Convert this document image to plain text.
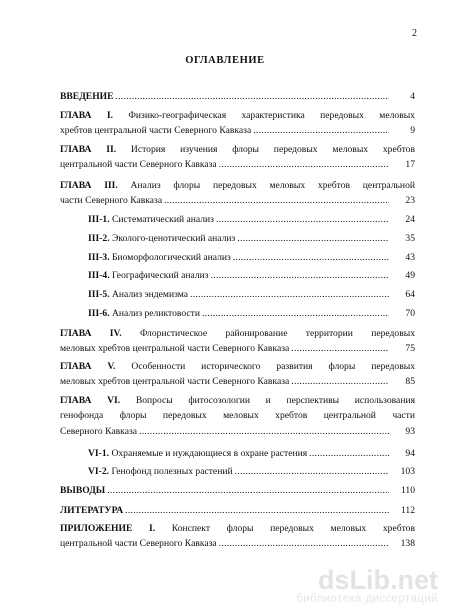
2
ОГЛАВЛЕНИЕ
ВВЕДЕНИЕ .....	4
ГЛАВА I. Физико-географическая характеристика передовых меловых
хребтов центральной части Северного Кавказа .....	9
ГЛАВА II. История изучения флоры передовых меловых хребтов
центральной части Северного Кавказа .....	17
ГЛАВА III. Анализ флоры передовых меловых хребтов центральной
части Северного Кавказа .....	23
III-1. Систематический анализ .....	24
III-2. Эколого-ценотический анализ .....	35
III-3. Биоморфологический анализ .....	43
III-4. Географический анализ .....	49
III-5. Анализ эндемизма .....	64
III-6. Анализ реликтовости .....	70
ГЛАВА IV. Флористическое районирование территории передовых
меловых хребтов центральной части Северного Кавказа .....	75
ГЛАВА V. Особенности исторического развития флоры передовых
меловых хребтов центральной части Северного Кавказа .....	85
ГЛАВА VI. Вопросы фитосозологии и перспективы использования
генофонда флоры передовых меловых хребтов центральной части
Северного Кавказа .....	93
VI-1. Охраняемые и нуждающиеся в охране растения .....	94
VI-2. Генофонд полезных растений .....	103
ВЫВОДЫ .....	110
ЛИТЕРАТУРА .....	112
ПРИЛОЖЕНИЕ I. Конспект флоры передовых меловых хребтов
центральной части Северного Кавказа .....	138
dsLib.net
библиотека диссертаций
